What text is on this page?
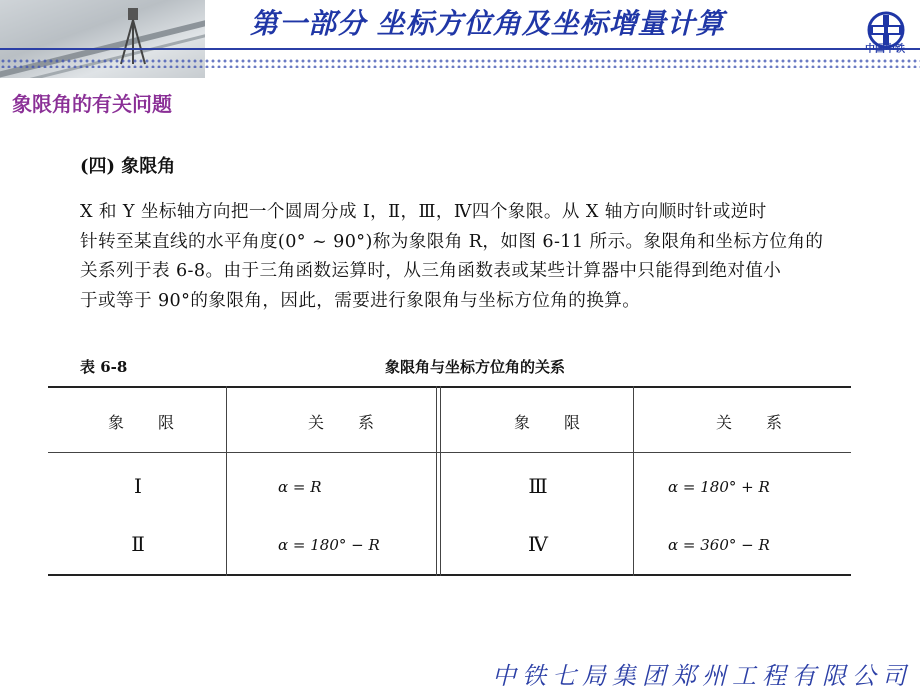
第一部分 坐标方位角及坐标增量计算
中国中铁
象限角的有关问题
(四) 象限角
X 和 Y 坐标轴方向把一个圆周分成 Ⅰ，Ⅱ，Ⅲ，Ⅳ四个象限。从 X 轴方向顺时针或逆时
针转至某直线的水平角度(0° ~ 90°)称为象限角 R，如图 6-11 所示。象限角和坐标方位角的
关系列于表 6-8。由于三角函数运算时，从三角函数表或某些计算器中只能得到绝对值小
于或等于 90°的象限角，因此，需要进行象限角与坐标方位角的换算。
表 6-8	象限角与坐标方位角的关系
象限	关系	象限	关系
Ⅰ	α = R	Ⅲ	α = 180° + R
Ⅱ	α = 180° − R	Ⅳ	α = 360° − R
中铁七局集团郑州工程有限公司
